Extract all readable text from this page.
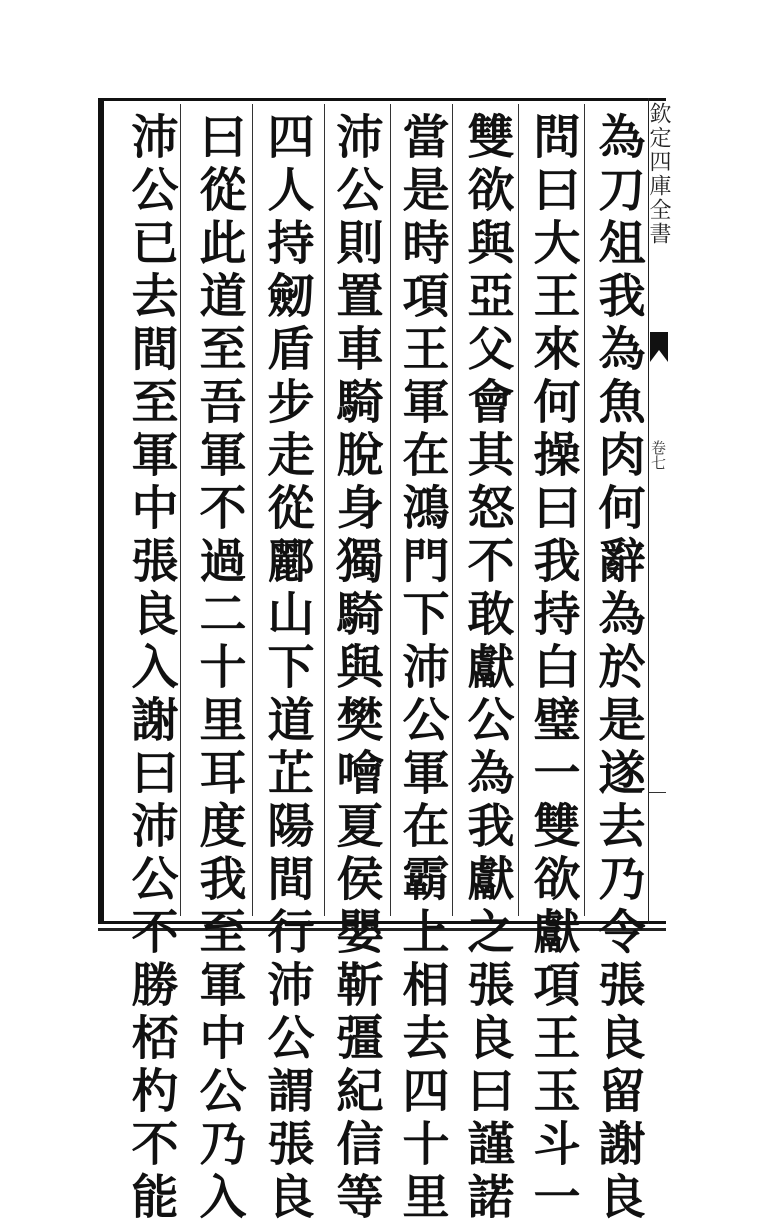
為刀俎我為魚肉何辭為於是遂去乃令張良留謝良
問曰大王來何操曰我持白璧一雙欲獻項王玉斗一
雙欲與亞父會其怒不敢獻公為我獻之張良曰謹諾
當是時項王軍在鴻門下沛公軍在霸上相去四十里
沛公則置車騎脫身獨騎與樊噲夏侯嬰靳彊紀信等
四人持劒盾步走從酈山下道芷陽間行沛公謂張良
曰從此道至吾軍不過二十里耳度我至軍中公乃入
沛公已去間至軍中張良入謝曰沛公不勝桮杓不能	欽定四庫全書
卷七
